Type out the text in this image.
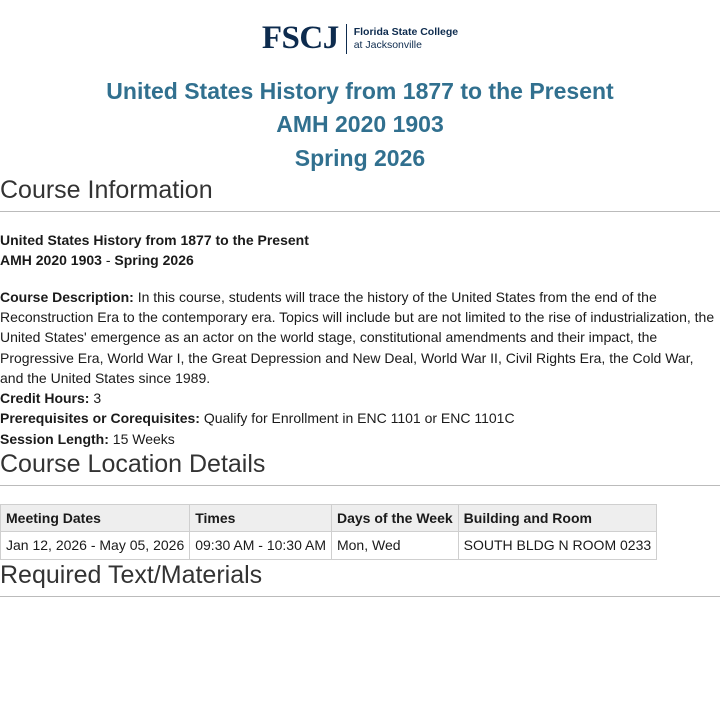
FSCJ Florida State College
at Jacksonville
United States History from 1877 to the Present
AMH 2020 1903
Spring 2026
Course Information

United States History from 1877 to the Present

AMH 2020 1903 - Spring 2026

Course Description: In this course, students will trace the history of the United States from the end of the Reconstruction Era to the contemporary era. Topics will include but are not limited to the rise of industrialization, the United States' emergence as an actor on the world stage, constitutional amendments and their impact, the Progressive Era, World War I, the Great Depression and New Deal, World War II, Civil Rights Era, the Cold War, and the United States since 1989.

Credit Hours: 3

Prerequisites or Corequisites: Qualify for Enrollment in ENC 1101 or ENC 1101C

Session Length: 15 Weeks

Course Location Details
Meeting Dates	Times	Days of the Week	Building and Room
Jan 12, 2026 - May 05, 2026	09:30 AM - 10:30 AM	Mon, Wed	SOUTH BLDG N ROOM 0233
Required Text/Materials
